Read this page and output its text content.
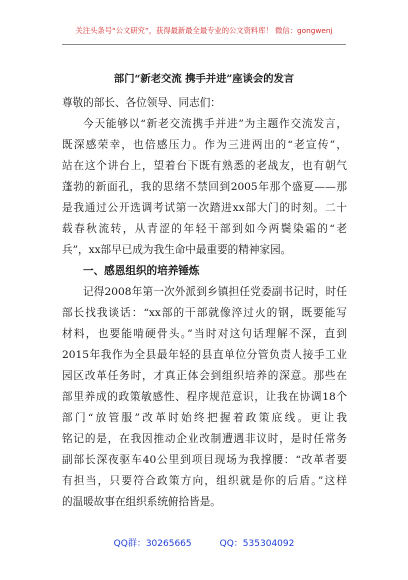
关注头条号“公文研究”，获得最新最全最专业的公文资料库！ 微信：gongwenj
部门“新老交流 携手并进”座谈会的发言
尊敬的部长、各位领导、同志们：
今天能够以“新老交流携手并进”为主题作交流发言，
既深感荣幸，也倍感压力。作为三进两出的“老宣传”，
站在这个讲台上，望着台下既有熟悉的老战友，也有朝气
蓬勃的新面孔，我的思绪不禁回到2005年那个盛夏——那
是我通过公开选调考试第一次踏进xx部大门的时刻。二十
载春秋流转，从青涩的年轻干部到如今两鬓染霜的“老
兵”，xx部早已成为我生命中最重要的精神家园。
一、感恩组织的培养锤炼
记得2008年第一次外派到乡镇担任党委副书记时，时任
部长找我谈话：“xx部的干部就像淬过火的钢，既要能写
材料，也要能啃硬骨头。”当时对这句话理解不深，直到
2015年我作为全县最年轻的县直单位分管负责人接手工业
园区改革任务时，才真正体会到组织培养的深意。那些在
部里养成的政策敏感性、程序规范意识，让我在协调18个
部门“放管服”改革时始终把握着政策底线。更让我
铭记的是，在我因推动企业改制遭遇非议时，是时任常务
副部长深夜驱车40公里到项目现场为我撑腰：“改革者要
有担当，只要符合政策方向，组织就是你的后盾。”这样
的温暖故事在组织系统俯拾皆是。
QQ群：30265665	QQ：535304092
